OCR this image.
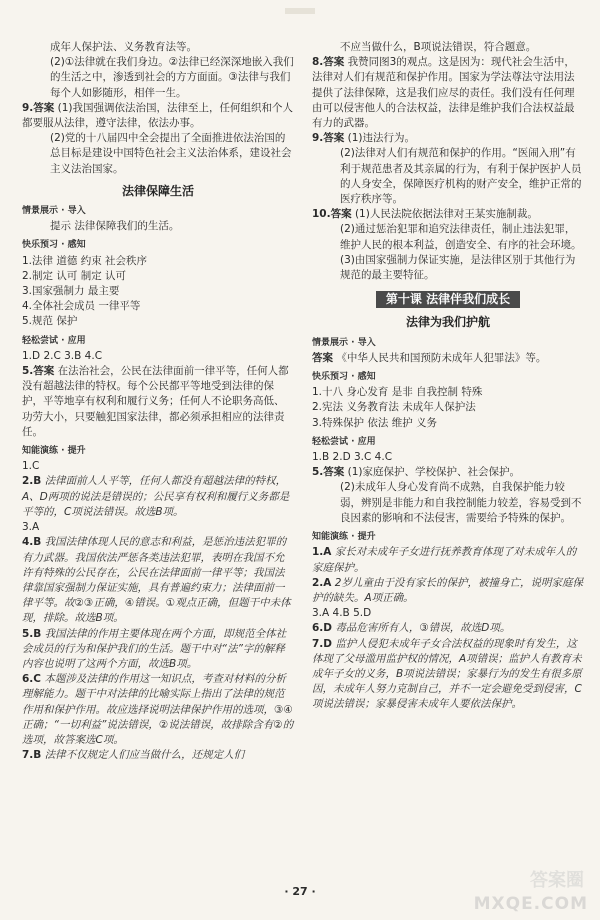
成年人保护法、义务教育法等。

(2)①法律就在我们身边。②法律已经深深地嵌入我们的生活之中，渗透到社会的方方面面。③法律与我们每个人如影随形，相伴一生。

9.答案 (1)我国强调依法治国，法律至上，任何组织和个人都要服从法律，遵守法律，依法办事。

(2)党的十八届四中全会提出了全面推进依法治国的总目标是建设中国特色社会主义法治体系，建设社会主义法治国家。

法律保障生活
情景展示 · 导入

提示 法律保障我们的生活。

快乐预习 · 感知

1.法律 道德 约束 社会秩序

2.制定 认可 制定 认可

3.国家强制力 最主要

4.全体社会成员 一律平等

5.规范 保护

轻松尝试 · 应用

1.D 2.C 3.B 4.C

5.答案 在法治社会，公民在法律面前一律平等，任何人都没有超越法律的特权。每个公民都平等地受到法律的保护，平等地享有权利和履行义务；任何人不论职务高低、功劳大小，只要触犯国家法律，都必须承担相应的法律责任。

知能演练 · 提升

1.C

2.B 法律面前人人平等，任何人都没有超越法律的特权，A、D两项的说法是错误的；公民享有权利和履行义务都是平等的，C项说法错误。故选B项。

3.A

4.B 我国法律体现人民的意志和利益，是惩治违法犯罪的有力武器。我国依法严惩各类违法犯罪，表明在我国不允许有特殊的公民存在，公民在法律面前一律平等；我国法律靠国家强制力保证实施，具有普遍约束力；法律面前一律平等。故②③正确，④错误。①观点正确，但题干中未体现，排除。故选B项。

5.B 我国法律的作用主要体现在两个方面，即规范全体社会成员的行为和保护我们的生活。题干中对“法”字的解释内容也说明了这两个方面，故选B项。

6.C 本题涉及法律的作用这一知识点，考查对材料的分析理解能力。题干中对法律的比喻实际上指出了法律的规范作用和保护作用。故应选择说明法律保护作用的选项，③④正确；“一切利益”说法错误，②说法错误，故排除含有②的选项，故答案选C项。

7.B 法律不仅规定人们应当做什么，还规定人们

不应当做什么，B项说法错误，符合题意。

8.答案 我赞同图3的观点。这是因为：现代社会生活中，法律对人们有规范和保护作用。国家为学法尊法守法用法提供了法律保障，这是我们应尽的责任。我们没有任何理由可以侵害他人的合法权益，法律是维护我们合法权益最有力的武器。

9.答案 (1)违法行为。

(2)法律对人们有规范和保护的作用。“医闹入刑”有利于规范患者及其亲属的行为，有利于保护医护人员的人身安全，保障医疗机构的财产安全，维护正常的医疗秩序等。

10.答案 (1)人民法院依据法律对王某实施制裁。

(2)通过惩治犯罪和追究法律责任，制止违法犯罪，维护人民的根本利益，创造安全、有序的社会环境。

(3)由国家强制力保证实施，是法律区别于其他行为规范的最主要特征。

第十课 法律伴我们成长
法律为我们护航
情景展示 · 导入

答案 《中华人民共和国预防未成年人犯罪法》等。

快乐预习 · 感知

1.十八 身心发育 是非 自我控制 特殊

2.宪法 义务教育法 未成年人保护法

3.特殊保护 依法 维护 义务

轻松尝试 · 应用

1.B 2.D 3.C 4.C

5.答案 (1)家庭保护、学校保护、社会保护。

(2)未成年人身心发育尚不成熟，自我保护能力较弱，辨别是非能力和自我控制能力较差，容易受到不良因素的影响和不法侵害，需要给予特殊的保护。

知能演练 · 提升

1.A 家长对未成年子女进行抚养教育体现了对未成年人的家庭保护。

2.A 2岁儿童由于没有家长的保护，被撞身亡，说明家庭保护的缺失。A项正确。

3.A 4.B 5.D

6.D 毒品危害所有人，③错误，故选D项。

7.D 监护人侵犯未成年子女合法权益的现象时有发生，这体现了父母滥用监护权的情况，A项错误；监护人有教育未成年子女的义务，B项说法错误；家暴行为的发生有很多原因，未成年人努力克制自己，并不一定会避免受到侵害，C项说法错误；家暴侵害未成年人要依法保护。

· 27 ·
答案圈
MXQE.COM
